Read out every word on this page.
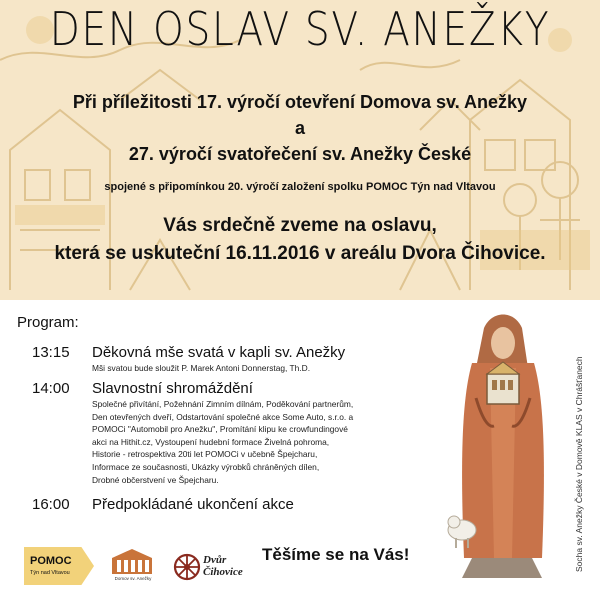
DEN OSLAV SV. ANEŽKY
Při příležitosti 17. výročí otevření Domova sv. Anežky
a
27. výročí svatořečení sv. Anežky České
spojené s připomínkou 20. výročí založení spolku POMOC Týn nad Vltavou
Vás srdečně zveme na oslavu,
která se uskuteční 16.11.2016 v areálu Dvora Čihovice.
Program:
13:15 Děkovná mše svatá v kapli sv. Anežky
Mši svatou bude sloužit P. Marek Antoni Donnerstag, Th.D.
14:00 Slavnostní shromáždění
Společné přivítání, Požehnání Zimním dílnám, Poděkování partnerům,
Den otevřených dveří, Odstartování společné akce Some Auto, s.r.o. a
POMOCi "Automobil pro Anežku", Promítání klipu ke crowfundingové
akci na Hithit.cz, Vystoupení hudební formace Živelná pohroma,
Historie - retrospektiva 20ti let POMOCi v učebně Špejcharu,
Informace ze současnosti, Ukázky výrobků chráněných dílen,
Drobné občerstvení ve Špejcharu.
16:00 Předpokládané ukončení akce	Socha sv. Anežky České v Domově KLAS v Chrášťanech
POMOC
Týn nad Vltavou
Domov sv. Anežky
Dvůr
Čihovice
Těšíme se na Vás!
